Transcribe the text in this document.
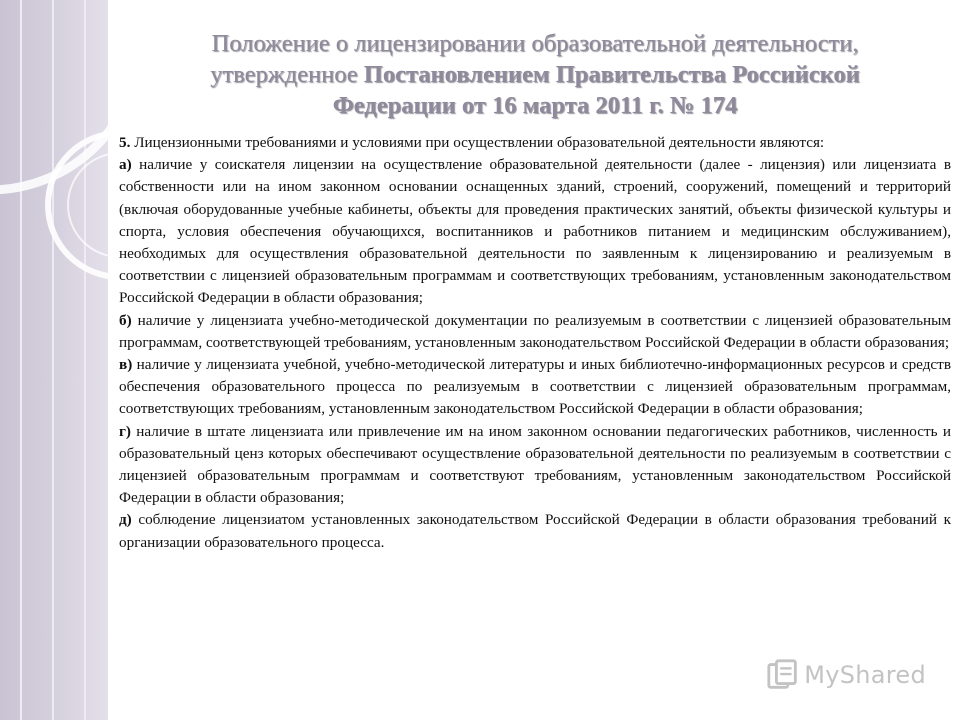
Положение о лицензировании образовательной деятельности,
утвержденное Постановлением Правительства Российской
Федерации от 16 марта 2011 г. № 174

5. Лицензионными требованиями и условиями при осуществлении образовательной деятельности являются:

а) наличие у соискателя лицензии на осуществление образовательной деятельности (далее - лицензия) или лицензиата в собственности или на ином законном основании оснащенных зданий, строений, сооружений, помещений и территорий (включая оборудованные учебные кабинеты, объекты для проведения практических занятий, объекты физической культуры и спорта, условия обеспечения обучающихся, воспитанников и работников питанием и медицинским обслуживанием), необходимых для осуществления образовательной деятельности по заявленным к лицензированию и реализуемым в соответствии с лицензией образовательным программам и соответствующих требованиям, установленным законодательством Российской Федерации в области образования;

б) наличие у лицензиата учебно-методической документации по реализуемым в соответствии с лицензией образовательным программам, соответствующей требованиям, установленным законодательством Российской Федерации в области образования;

в) наличие у лицензиата учебной, учебно-методической литературы и иных библиотечно-информационных ресурсов и средств обеспечения образовательного процесса по реализуемым в соответствии с лицензией образовательным программам, соответствующих требованиям, установленным законодательством Российской Федерации в области образования;

г) наличие в штате лицензиата или привлечение им на ином законном основании педагогических работников, численность и образовательный ценз которых обеспечивают осуществление образовательной деятельности по реализуемым в соответствии с лицензией образовательным программам и соответствуют требованиям, установленным законодательством Российской Федерации в области образования;

д) соблюдение лицензиатом установленных законодательством Российской Федерации в области образования требований к организации образовательного процесса.

MyShared
